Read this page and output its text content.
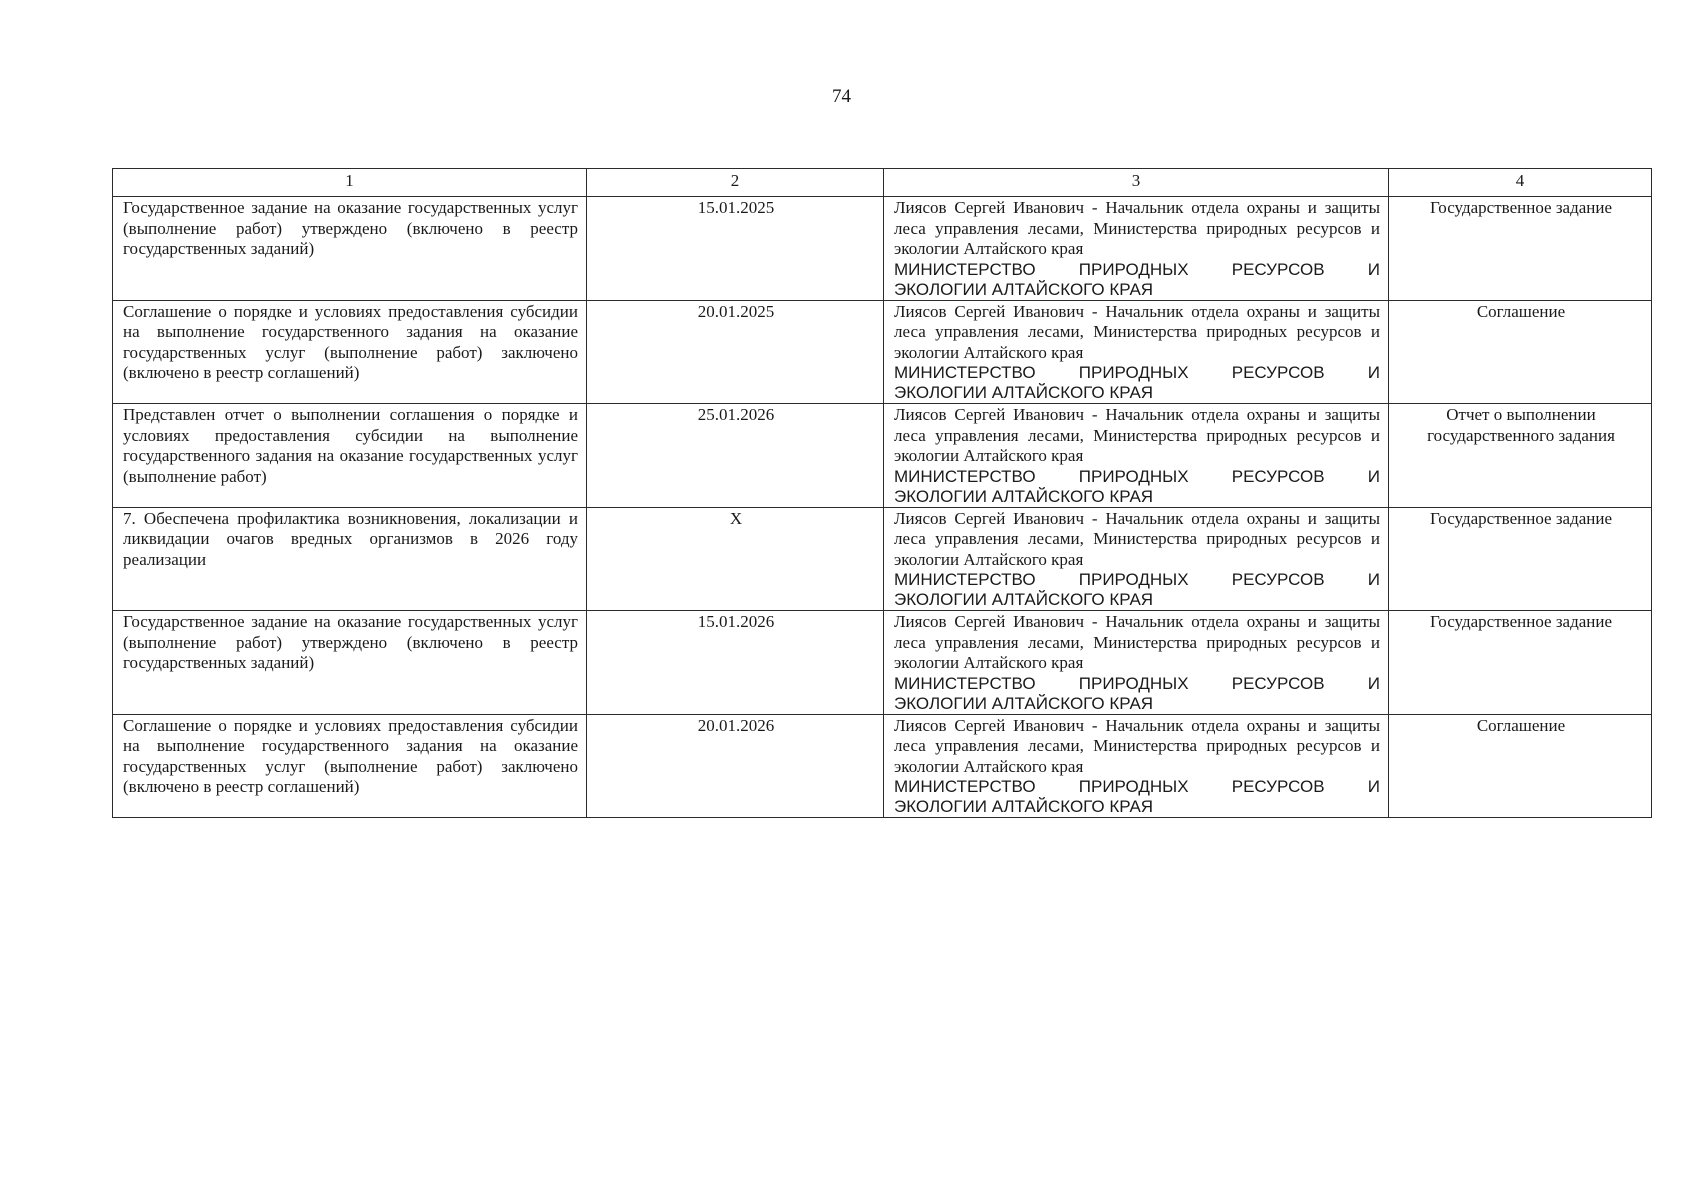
74
1	2	3	4
Государственное задание на оказание государственных услуг (выполнение работ) утверждено (включено в реестр государственных заданий)	15.01.2025	Лиясов Сергей Иванович - Начальник отдела охраны и защиты леса управления лесами, Министерства природных ресурсов и экологии Алтайского края
МИНИСТЕРСТВО ПРИРОДНЫХ РЕСУРСОВ И
ЭКОЛОГИИ АЛТАЙСКОГО КРАЯ	Государственное задание
Соглашение о порядке и условиях предоставления субсидии на выполнение государственного задания на оказание государственных услуг (выполнение работ) заключено (включено в реестр соглашений)	20.01.2025	Лиясов Сергей Иванович - Начальник отдела охраны и защиты леса управления лесами, Министерства природных ресурсов и экологии Алтайского края
МИНИСТЕРСТВО ПРИРОДНЫХ РЕСУРСОВ И
ЭКОЛОГИИ АЛТАЙСКОГО КРАЯ	Соглашение
Представлен отчет о выполнении соглашения о порядке и условиях предоставления субсидии на выполнение государственного задания на оказание государственных услуг (выполнение работ)	25.01.2026	Лиясов Сергей Иванович - Начальник отдела охраны и защиты леса управления лесами, Министерства природных ресурсов и экологии Алтайского края
МИНИСТЕРСТВО ПРИРОДНЫХ РЕСУРСОВ И
ЭКОЛОГИИ АЛТАЙСКОГО КРАЯ	Отчет о выполнении государственного задания
7. Обеспечена профилактика возникновения, локализации и ликвидации очагов вредных организмов в 2026 году реализации	X	Лиясов Сергей Иванович - Начальник отдела охраны и защиты леса управления лесами, Министерства природных ресурсов и экологии Алтайского края
МИНИСТЕРСТВО ПРИРОДНЫХ РЕСУРСОВ И
ЭКОЛОГИИ АЛТАЙСКОГО КРАЯ	Государственное задание
Государственное задание на оказание государственных услуг (выполнение работ) утверждено (включено в реестр государственных заданий)	15.01.2026	Лиясов Сергей Иванович - Начальник отдела охраны и защиты леса управления лесами, Министерства природных ресурсов и экологии Алтайского края
МИНИСТЕРСТВО ПРИРОДНЫХ РЕСУРСОВ И
ЭКОЛОГИИ АЛТАЙСКОГО КРАЯ	Государственное задание
Соглашение о порядке и условиях предоставления субсидии на выполнение государственного задания на оказание государственных услуг (выполнение работ) заключено (включено в реестр соглашений)	20.01.2026	Лиясов Сергей Иванович - Начальник отдела охраны и защиты леса управления лесами, Министерства природных ресурсов и экологии Алтайского края
МИНИСТЕРСТВО ПРИРОДНЫХ РЕСУРСОВ И
ЭКОЛОГИИ АЛТАЙСКОГО КРАЯ	Соглашение
